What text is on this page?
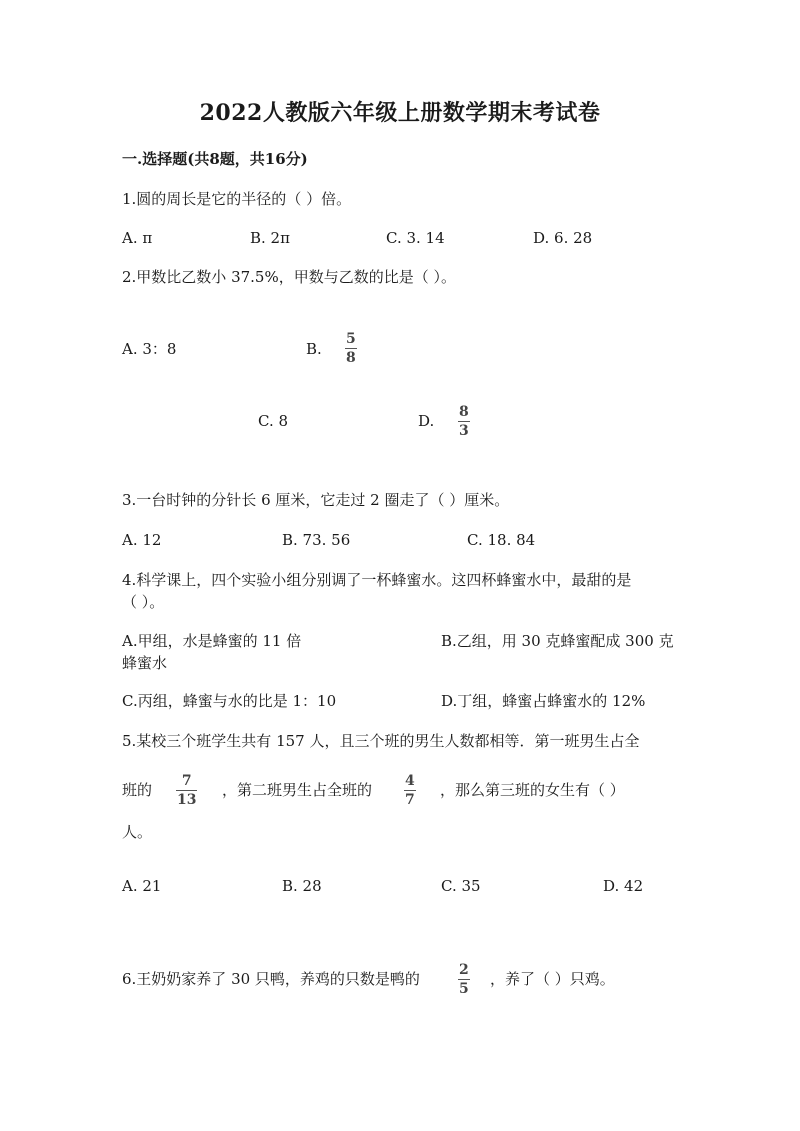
2022人教版六年级上册数学期末考试卷
一.选择题(共8题，共16分)
1.圆的周长是它的半径的（ ）倍。
A. π	B. 2π	C. 3. 14	D. 6. 28
2.甲数比乙数小 37.5%，甲数与乙数的比是（ ）。
A. 3：8	B.
5
8
C. 8	D. 8
3
3.一台时钟的分针长 6 厘米，它走过 2 圈走了（ ）厘米。
A. 12	B. 73. 56	C. 18. 84
4.科学课上，四个实验小组分别调了一杯蜂蜜水。这四杯蜂蜜水中，最甜的是
（ ）。
A.甲组，水是蜂蜜的 11 倍	B.乙组，用 30 克蜂蜜配成 300 克
蜂蜜水
C.丙组，蜂蜜与水的比是 1：10	D.丁组，蜂蜜占蜂蜜水的 12%
5.某校三个班学生共有 157 人，且三个班的男生人数都相等．第一班男生占全
班的	7
13
，第二班男生占全班的 4
7
，那么第三班的女生有（ ）
人。
A. 21	B. 28	C. 35	D. 42
6.王奶奶家养了 30 只鸭，养鸡的只数是鸭的	2
5
，养了（ ）只鸡。
